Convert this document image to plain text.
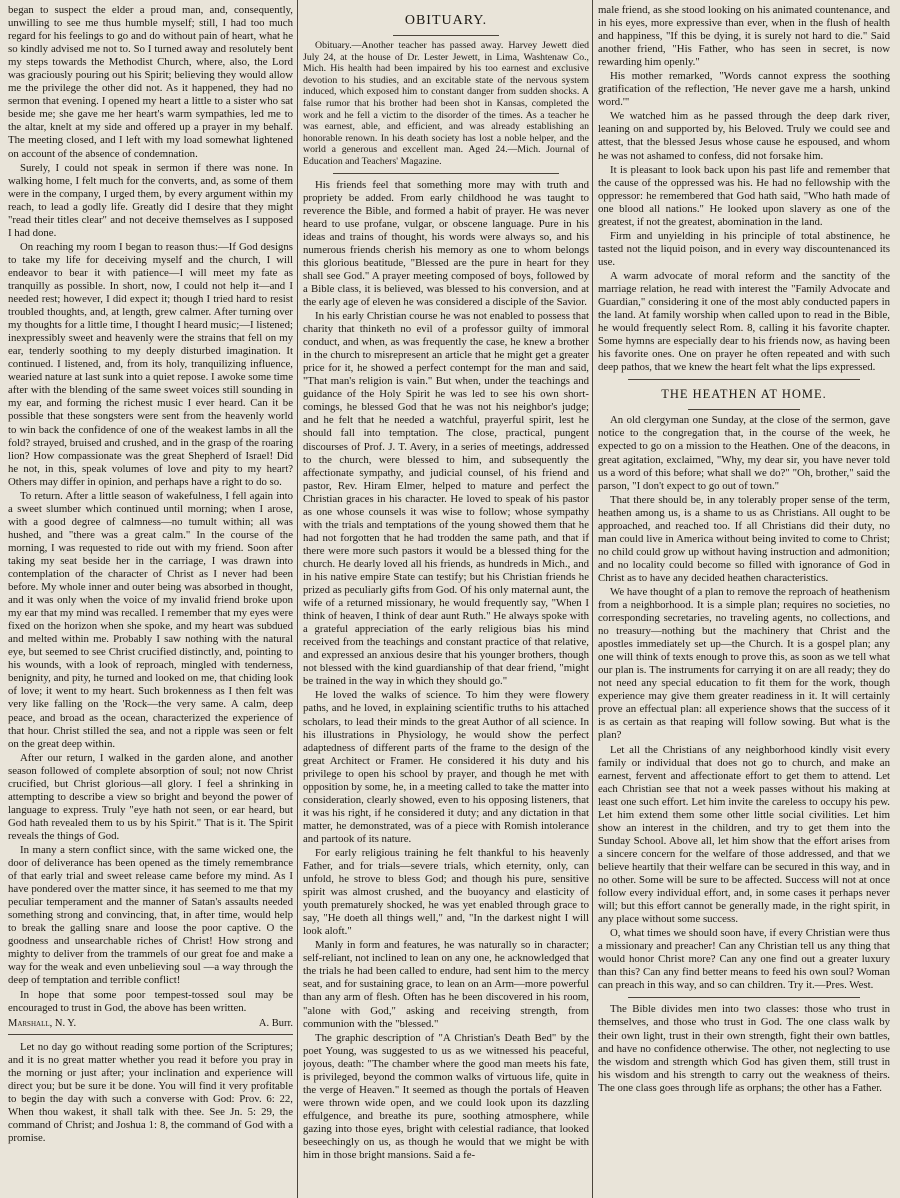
began to suspect the elder a proud man, and, consequently, unwilling to see me thus humble myself; still, I had too much regard for his feelings to go and do without pain of heart, what he so kindly advised me not to. So I turned away and resolutely bent my steps towards the Methodist Church, where, also, the Lord was graciously pouring out his Spirit; believing they would allow me the privilege the other did not. As it happened, they had no sermon that evening. I opened my heart a little to a sister who sat beside me; she gave me her heart's warm sympathies, led me to the altar, knelt at my side and offered up a prayer in my behalf. The meeting closed, and I left with my load somewhat lightened on account of the absence of condemnation.

Surely, I could not speak in sermon if there was none. In walking home, I felt much for the converts, and, as some of them were in the company, I urged them, by every argument within my reach, to lead a godly life. Greatly did I desire that they might "read their titles clear" and not deceive themselves as I supposed I had done.

On reaching my room I began to reason thus:—If God designs to take my life for deceiving myself and the church, I will endeavor to bear it with patience—I will meet my fate as tranquilly as possible. In short, now, I could not help it—and I needed rest; however, I did expect it; though I tried hard to resist troubled thoughts, and, at length, grew calmer. After turning over my thoughts for a little time, I thought I heard music;—I listened; inexpressibly sweet and heavenly were the strains that fell on my ear, tenderly soothing to my deeply disturbed imagination. It continued. I listened, and, from its holy, tranquilizing influence, wearied nature at last sunk into a quiet repose. I awoke some time after with the blending of the same sweet voices still sounding in my ear, and forming the richest music I ever heard. Can it be possible that these songsters were sent from the heavenly world to win back the confidence of one of the weakest lambs in all the fold? strayed, bruised and crushed, and in the grasp of the roaring lion? How compassionate was the great Shepherd of Israel! Did he not, in this, speak volumes of love and pity to my heart? Others may differ in opinion, and perhaps have a right to do so.

To return. After a little season of wakefulness, I fell again into a sweet slumber which continued until morning; when I arose, with a good degree of calmness—no tumult within; all was hushed, and "there was a great calm." In the course of the morning, I was requested to ride out with my friend. Soon after taking my seat beside her in the carriage, I was drawn into contemplation of the character of Christ as I never had been before. My whole inner and outer being was absorbed in thought, and it was only when the voice of my invalid friend broke upon my ear that my mind was recalled. I remember that my eyes were fixed on the horizon when she spoke, and my heart was subdued and melted within me. Probably I saw nothing with the natural eye, but seemed to see Christ crucified distinctly, and, pointing to his wounds, with a look of reproach, mingled with tenderness, benignity, and pity, he turned and looked on me, that chiding look of love; it went to my heart. Such brokenness as I then felt was very like falling on the 'Rock—the very same. A calm, deep peace, and broad as the ocean, characterized the experience of that hour. Christ stilled the sea, and not a ripple was seen or felt on the great deep within.

After our return, I walked in the garden alone, and another season followed of complete absorption of soul; not now Christ crucified, but Christ glorious—all glory. I feel a shrinking in attempting to describe a view so bright and beyond the power of language to express. Truly "eye hath not seen, or ear heard, but God hath revealed them to us by his Spirit." That is it. The Spirit reveals the things of God.

In many a stern conflict since, with the same wicked one, the door of deliverance has been opened as the timely remembrance of that early trial and sweet release came before my mind. As I have pondered over the matter since, it has seemed to me that my peculiar temperament and the manner of Satan's assaults needed something strong and convincing, that, in after time, would help to break the galling snare and loose the poor captive. O the goodness and unsearchable riches of Christ! How strong and mighty to deliver from the trammels of our great foe and make a way for the weak and even unbelieving soul —a way through the deep of temptation and terrible conflict!

In hope that some poor tempest-tossed soul may be encouraged to trust in God, the above has been written.

Marshall, N. Y.	A. Burr.

Let no day go without reading some portion of the Scriptures; and it is no great matter whether you read it before you pray in the morning or just after; your inclination and experience will direct you; but be sure it be done. You will find it very profitable to begin the day with such a converse with God: Prov. 6: 22, When thou wakest, it shall talk with thee. See Jn. 5: 29, the command of Christ; and Joshua 1: 8, the command of God with a promise.

OBITUARY.

Obituary.—Another teacher has passed away. Harvey Jewett died July 24, at the house of Dr. Lester Jewett, in Lima, Washtenaw Co., Mich. His health had been impaired by his too earnest and exclusive devotion to his studies, and an excitable state of the nervous system induced, which exposed him to constant danger from sudden shocks. A false rumor that his brother had been shot in Kansas, completed the work and he fell a victim to the disorder of the times. As a teacher he was earnest, able, and efficient, and was already establishing an honorable renown. In his death society has lost a noble helper, and the world a generous and excellent man. Aged 24.—Mich. Journal of Education and Teachers' Magazine.

His friends feel that something more may with truth and propriety be added. From early childhood he was taught to reverence the Bible, and formed a habit of prayer. He was never heard to use profane, vulgar, or obscene language. Pure in his ideas and trains of thought, his words were always so, and his numerous friends cherish his memory as one to whom belongs this glorious beatitude, "Blessed are the pure in heart for they shall see God." A prayer meeting composed of boys, followed by a Bible class, it is believed, was blessed to his conversion, and at the early age of eleven he was considered a disciple of the Savior.

In his early Christian course he was not enabled to possess that charity that thinketh no evil of a professor guilty of immoral conduct, and when, as was frequently the case, he knew a brother in the church to misrepresent an article that he might get a greater price for it, he showed a perfect contempt for the man and said, "That man's religion is vain." But when, under the teachings and guidance of the Holy Spirit he was led to see his own short-comings, he blessed God that he was not his neighbor's judge; and he felt that he needed a watchful, prayerful spirit, lest he should fall into temptation. The close, practical, pungent discourses of Prof. J. T. Avery, in a series of meetings, addressed to the church, were blessed to him, and subsequently the affectionate sympathy, and judicial counsel, of his friend and pastor, Rev. Hiram Elmer, helped to mature and perfect the Christian graces in his character. He loved to speak of his pastor as one whose counsels it was wise to follow; whose sympathy with the trials and temptations of the young showed them that he had not forgotten that he had trodden the same path, and that if there were more such pastors it would be a blessed thing for the church. He dearly loved all his friends, as hundreds in Mich., and in his native empire State can testify; but his Christian friends he prized as peculiarly gifts from God. Of his only maternal aunt, the wife of a returned missionary, he would frequently say, "When I think of heaven, I think of dear aunt Ruth." He always spoke with a grateful appreciation of the early religious bias his mind received from the teachings and constant practice of that relative, and expressed an anxious desire that his younger brothers, though not blessed with the kind guardianship of that dear friend, "might be trained in the way in which they should go."

He loved the walks of science. To him they were flowery paths, and he loved, in explaining scientific truths to his attached scholars, to lead their minds to the great Author of all science. In his illustrations in Physiology, he would show the perfect adaptedness of different parts of the frame to the design of the great Architect or Framer. He considered it his duty and his privilege to open his school by prayer, and though he met with opposition by some, he, in a meeting called to take the matter into consideration, clearly showed, even to his opposing listeners, that it was his right, if he considered it duty; and any dictation in that matter, he demonstrated, was of a piece with Romish intolerance and partook of its nature.

For early religious training he felt thankful to his heavenly Father, and for trials—severe trials, which eternity, only, can unfold, he strove to bless God; and though his pure, sensitive spirit was almost crushed, and the buoyancy and elasticity of youth prematurely shocked, he was yet enabled through grace to say, "He doeth all things well," and, "In the darkest night I will look aloft."

Manly in form and features, he was naturally so in character; self-reliant, not inclined to lean on any one, he acknowledged that the trials he had been called to endure, had sent him to the mercy seat, and for sustaining grace, to lean on an Arm—more powerful than any arm of flesh. Often has he been discovered in his room, "alone with God," asking and receiving strength, from communion with the "blessed."

The graphic description of "A Christian's Death Bed" by the poet Young, was suggested to us as we witnessed his peaceful, joyous, death: "The chamber where the good man meets his fate, is privileged, beyond the common walks of virtuous life, quite in the verge of Heaven." It seemed as though the portals of Heaven were thrown wide open, and we could look upon its dazzling effulgence, and breathe its pure, soothing atmosphere, while gazing into those eyes, bright with celestial radiance, that looked beseechingly on us, as though he would that we might be with him in those bright mansions. Said a fe-

male friend, as she stood looking on his animated countenance, and in his eyes, more expressive than ever, when in the flush of health and happiness, "If this be dying, it is surely not hard to die." Said another friend, "His Father, who has seen in secret, is now rewarding him openly."

His mother remarked, "Words cannot express the soothing gratification of the reflection, 'He never gave me a harsh, unkind word.'"

We watched him as he passed through the deep dark river, leaning on and supported by, his Beloved. Truly we could see and attest, that the blessed Jesus whose cause he espoused, and whom he was not ashamed to confess, did not forsake him.

It is pleasant to look back upon his past life and remember that the cause of the oppressed was his. He had no fellowship with the oppressor: he remembered that God hath said, "Who hath made of one blood all nations." He looked upon slavery as one of the greatest, if not the greatest, abomination in the land.

Firm and unyielding in his principle of total abstinence, he tasted not the liquid poison, and in every way discountenanced its use.

A warm advocate of moral reform and the sanctity of the marriage relation, he read with interest the "Family Advocate and Guardian," considering it one of the most ably conducted papers in the land. At family worship when called upon to read in the Bible, he would frequently select Rom. 8, calling it his favorite chapter. Some hymns are especially dear to his friends now, as having been his favorite ones. One on prayer he often repeated and with such deep pathos, that we knew the heart felt what the lips expressed.

THE HEATHEN AT HOME.

An old clergyman one Sunday, at the close of the sermon, gave notice to the congregation that, in the course of the week, he expected to go on a mission to the Heathen. One of the deacons, in great agitation, exclaimed, "Why, my dear sir, you have never told us a word of this before; what shall we do?" "Oh, brother," said the parson, "I don't expect to go out of town."

That there should be, in any tolerably proper sense of the term, heathen among us, is a shame to us as Christians. All ought to be approached, and reached too. If all Christians did their duty, no man could live in America without being invited to come to Christ; no child could grow up without having instruction and admonition; and no locality could become so filled with ignorance of God in Christ as to have any decided heathen characteristics.

We have thought of a plan to remove the reproach of heathenism from a neighborhood. It is a simple plan; requires no societies, no corresponding secretaries, no traveling agents, no collections, and no treasury—nothing but the machinery that Christ and the apostles immediately set up—the Church. It is a gospel plan; any one will think of texts enough to prove this, as soon as we tell what our plan is. The instruments for carrying it on are all ready; they do not need any special education to fit them for the work, though experience may give them greater readiness in it. It will certainly prove an effectual plan: all experience shows that the success of it is as certain as that reaping will follow sowing. But what is the plan?

Let all the Christians of any neighborhood kindly visit every family or individual that does not go to church, and make an earnest, fervent and affectionate effort to get them to attend. Let each Christian see that not a week passes without his making at least one such effort. Let him invite the careless to occupy his pew. Let him extend them some other little social civilities. Let him show an interest in the children, and try to get them into the Sunday School. Above all, let him show that the effort arises from a sincere concern for the welfare of those addressed, and that we believe heartily that their welfare can be secured in this way, and in no other. Some will be sure to be affected. Success will not at once follow every individual effort, and, in some cases it perhaps never will; but this effort cannot be generally made, in the right spirit, in any place without some success.

O, what times we should soon have, if every Christian were thus a missionary and preacher! Can any Christian tell us any thing that would honor Christ more? Can any one find out a greater luxury than this? Can any find better means to feed his own soul? Woman can preach in this way, and so can children. Try it.—Pres. West.

The Bible divides men into two classes: those who trust in themselves, and those who trust in God. The one class walk by their own light, trust in their own strength, fight their own battles, and have no confidence otherwise. The other, not neglecting to use the wisdom and strength which God has given them, still trust in his wisdom and his strength to carry out the weakness of theirs. The one class goes through life as orphans; the other has a Father.
